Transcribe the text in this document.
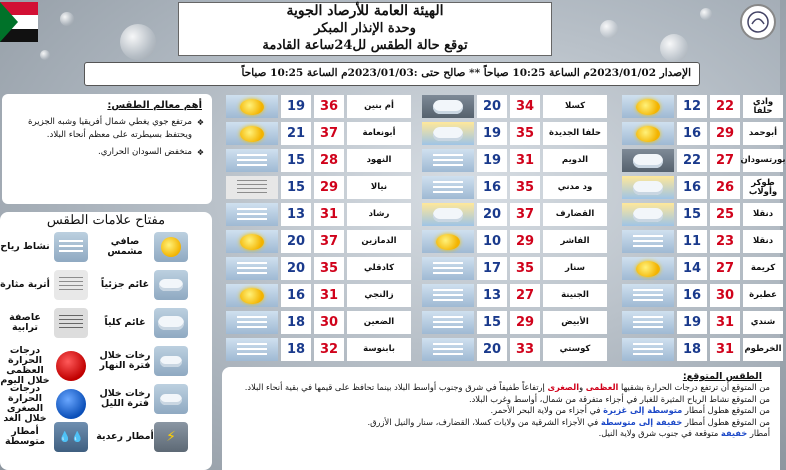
الهيئة العامة للأرصاد الجوية
وحدة الإنذار المبكر
توقع حالة الطقس لل24ساعة القادمة
الإصدار 2023/01/02م الساعة 10:25 صباحاً ** صالح حتى :2023/01/03م الساعة 10:25 صباحاً
أهم معالم الطقس:
❖ مرتفع جوي يغطي شمال أفريقيا وشبه الجزيرة ويحتفظ بسيطرته على معظم أنحاء البلاد.
❖ منخفض السودان الحراري.
مفتاح علامات الطقس
صافي مشمس
غائم جزئياً
غائم كلياً
رخات خلال فترة النهار
رخات خلال فترة الليل
⚡
أمطار رعدية
نشاط رياح
أتربة مثارة
عاصفة ترابية
درجات الحرارة العظمى خلال اليوم
درجات الحرارة الصغرى خلال الغد
💧💧
أمطار متوسطة
12	22	وادي حلفا
16	29	أبوحمد
22	27 بورتسودان
16	26	طوكر وأولاب
15	25	دنقلا
11	23	دنقلا
14	27	كريمة
16	30	عطبرة
19	31	شندي
18	31	الخرطوم
20	34	كسلا
19	35	حلفا الجديدة
19	31	الدويم
16	35	ود مدني
20	37	القضارف
10	29	الفاشر
17	35	سنار
13	27	الجنينة
15	29	الأبيض
20	33	كوستي
19	36	أم بنين
21	37	أبونعامة
15	28	النهود
15	29	نيالا
13	31	رشاد
20	37	الدمازين
20	35	كادقلي
16	31	زالنجي
18	30	الضعين
18	32	بابنوسة
الطقس المتوقع:
من المتوقع أن ترتفع درجات الحرارة بشقيها العظمى والصغرى إرتفاعاً طفيفاً في شرق وجنوب أواسط البلاد بينما تحافظ على قيمها في بقية أنحاء البلاد.
من المتوقع نشاط الرياح المثيرة للغبار في أجزاء متفرقة من شمال، أواسط وغرب البلاد.
من المتوقع هطول أمطار متوسطة إلى غزيرة في أجزاء من ولاية البحر الأحمر.
من المتوقع هطول أمطار خفيفة إلى متوسطة في الأجزاء الشرقية من ولايات كسلا، القضارف، سنار والنيل الأزرق.
أمطار خفيفة متوقعة في جنوب شرق ولاية النيل.
